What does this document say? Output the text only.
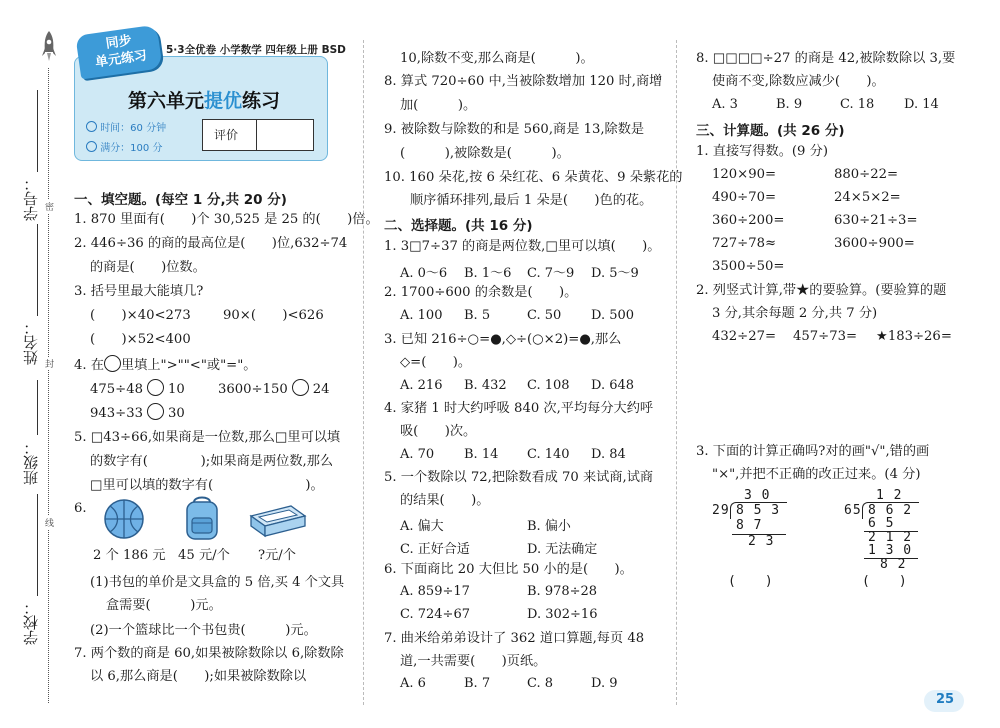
密
封
线
学号：
姓名：
班级：
学校：
同步
单元练习	5·3全优卷 小学数学 四年级上册 BSD
第六单元提优练习
时间：60 分钟
满分：100 分
评价
一、填空题。(每空 1 分,共 20 分)
1. 870 里面有(　　)个 30,525 是 25 的(　　)倍。
2. 446÷36 的商的最高位是(　　)位,632÷74
的商是(　　)位数。
3. 括号里最大能填几?
(　　)×40<273 90×(　　)<626
(　　)×52<400
4. 在 里填上">""<"或"="。
475÷48 10	3600÷150 24
943÷33 30
5. □43÷66,如果商是一位数,那么□里可以填
的数字有(　　　　);如果商是两位数,那么
□里可以填的数字有(　　　　　　　)。
6.
2 个 186 元 45 元/个 ?元/个
(1)书包的单价是文具盒的 5 倍,买 4 个文具
盒需要(　　　)元。
(2)一个篮球比一个书包贵(　　　)元。
7. 两个数的商是 60,如果被除数除以 6,除数除
以 6,那么商是(　　);如果被除数除以
10,除数不变,那么商是(　　　)。
8. 算式 720÷60 中,当被除数增加 120 时,商增
加(　　　)。
9. 被除数与除数的和是 560,商是 13,除数是
(　　　),被除数是(　　　)。
10. 160 朵花,按 6 朵红花、6 朵黄花、9 朵紫花的
顺序循环排列,最后 1 朵是(　　)色的花。
二、选择题。(共 16 分)
1. 3□7÷37 的商是两位数,□里可以填(　　)。
A. 0～6 B. 1～6 C. 7～9 D. 5～9
2. 1700÷600 的余数是(　　)。
A. 100 B. 5	C. 50 D. 500
3. 已知 216÷○=●,◇÷(○×2)=●,那么
◇=(　　)。
A. 216 B. 432 C. 108 D. 648
4. 家猪 1 时大约呼吸 840 次,平均每分大约呼
吸(　　)次。
A. 70 B. 14 C. 140 D. 84
5. 一个数除以 72,把除数看成 70 来试商,试商
的结果(　　)。
A. 偏大	B. 偏小
C. 正好合适	D. 无法确定
6. 下面商比 20 大但比 50 小的是(　　)。
A. 859÷17	B. 978÷28
C. 724÷67	D. 302÷16
7. 曲米给弟弟设计了 362 道口算题,每页 48
道,一共需要(　　)页纸。
A. 6	B. 7	C. 8	D. 9
8. □□□□÷27 的商是 42,被除数除以 3,要
使商不变,除数应减少(　　)。
A. 3	B. 9	C. 18 D. 14
三、计算题。(共 26 分)
1. 直接写得数。(9 分)
120×90=	880÷22=
490÷70=	24×5×2=
360÷200=	630÷21÷3=
727÷78≈	3600÷900=
3500÷50=
2. 列竖式计算,带★的要验算。(要验算的题
3 分,其余每题 2 分,共 7 分)
432÷27= 457÷73= ★183÷26=
3. 下面的计算正确吗?对的画"√",错的画
"×",并把不正确的改正过来。(4 分)
3 0
29 8 5 3
8 7
2 3
(　　)
1 2
65 8 6 2
6 5
2 1 2
1 3 0
8 2
(　　)
25
